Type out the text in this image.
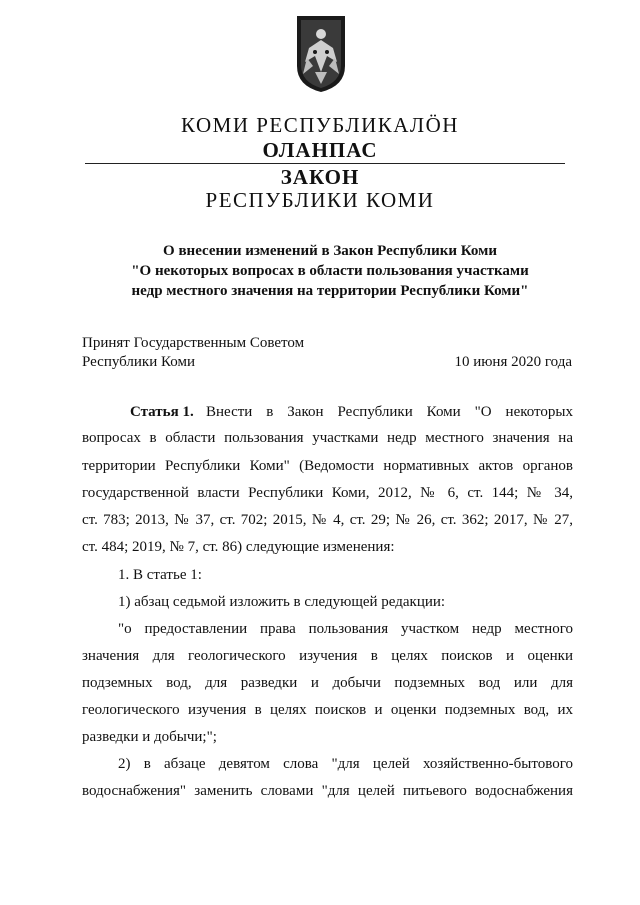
КОМИ РЕСПУБЛИКАЛÖН
ОЛАНПАС
ЗАКОН
РЕСПУБЛИКИ КОМИ
О внесении изменений в Закон Республики Коми
"О некоторых вопросах в области пользования участками
недр местного значения на территории Республики Коми"
Принят Государственным Советом
Республики Коми	10 июня 2020 года
Статья 1. Внести в Закон Республики Коми "О некоторых
вопросах в области пользования участками недр местного значения на
территории Республики Коми" (Ведомости нормативных актов органов
государственной власти Республики Коми, 2012, № 6, ст. 144; № 34,
ст. 783; 2013, № 37, ст. 702; 2015, № 4, ст. 29; № 26, ст. 362; 2017, № 27,
ст. 484; 2019, № 7, ст. 86) следующие изменения:
1. В статье 1:
1) абзац седьмой изложить в следующей редакции:
"о предоставлении права пользования участком недр местного
значения для геологического изучения в целях поисков и оценки
подземных вод, для разведки и добычи подземных вод или для
геологического изучения в целях поисков и оценки подземных вод, их
разведки и добычи;";
2) в абзаце девятом слова "для целей хозяйственно-бытового
водоснабжения" заменить словами "для целей питьевого водоснабжения
